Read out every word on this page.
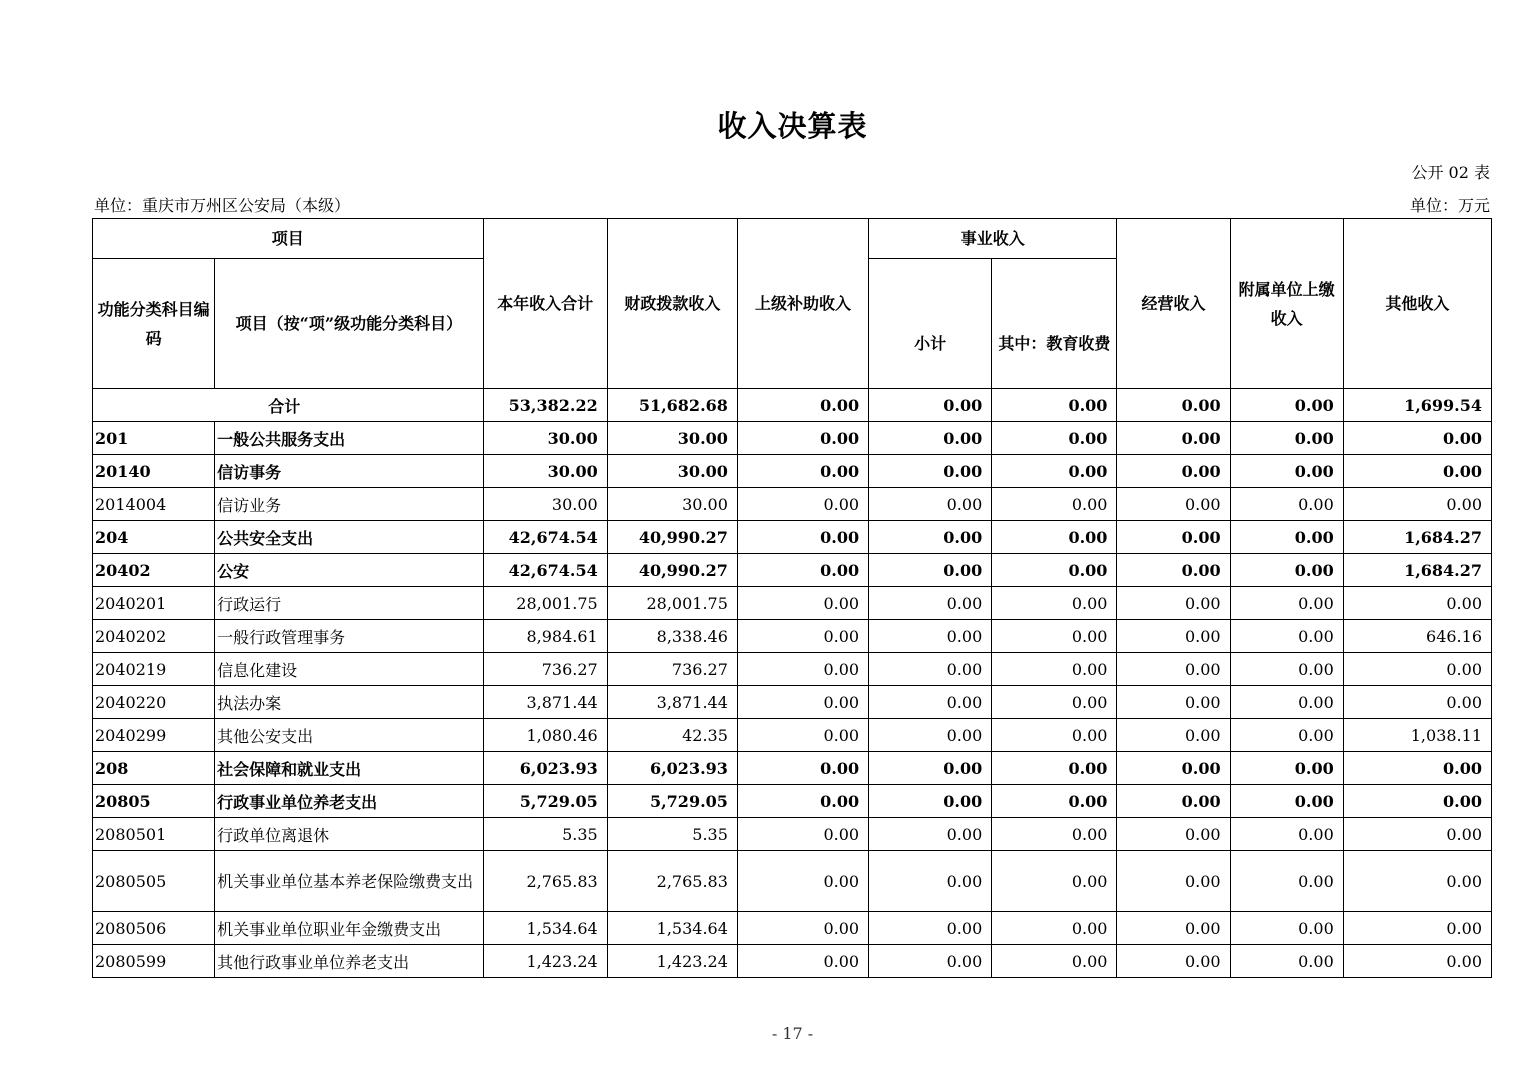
收入决算表
公开 02 表
单位：重庆市万州区公安局（本级）	单位：万元
项目		本年收入合计	财政拨款收入	上级补助收入	事业收入		经营收入	附属单位上缴收入	其他收入
功能分类科目编码	项目（按“项”级功能分类科目）				小计	其中：教育收费			
合计		53,382.22	51,682.68	0.00	0.00	0.00	0.00	0.00	1,699.54
201	一般公共服务支出	30.00	30.00	0.00	0.00	0.00	0.00	0.00	0.00
20140	信访事务	30.00	30.00	0.00	0.00	0.00	0.00	0.00	0.00
2014004	信访业务	30.00	30.00	0.00	0.00	0.00	0.00	0.00	0.00
204	公共安全支出	42,674.54	40,990.27	0.00	0.00	0.00	0.00	0.00	1,684.27
20402	公安	42,674.54	40,990.27	0.00	0.00	0.00	0.00	0.00	1,684.27
2040201	行政运行	28,001.75	28,001.75	0.00	0.00	0.00	0.00	0.00	0.00
2040202	一般行政管理事务	8,984.61	8,338.46	0.00	0.00	0.00	0.00	0.00	646.16
2040219	信息化建设	736.27	736.27	0.00	0.00	0.00	0.00	0.00	0.00
2040220	执法办案	3,871.44	3,871.44	0.00	0.00	0.00	0.00	0.00	0.00
2040299	其他公安支出	1,080.46	42.35	0.00	0.00	0.00	0.00	0.00	1,038.11
208	社会保障和就业支出	6,023.93	6,023.93	0.00	0.00	0.00	0.00	0.00	0.00
20805	行政事业单位养老支出	5,729.05	5,729.05	0.00	0.00	0.00	0.00	0.00	0.00
2080501	行政单位离退休	5.35	5.35	0.00	0.00	0.00	0.00	0.00	0.00
2080505	机关事业单位基本养老保险缴费支出	2,765.83	2,765.83	0.00	0.00	0.00	0.00	0.00	0.00
2080506	机关事业单位职业年金缴费支出	1,534.64	1,534.64	0.00	0.00	0.00	0.00	0.00	0.00
2080599	其他行政事业单位养老支出	1,423.24	1,423.24	0.00	0.00	0.00	0.00	0.00	0.00
- 17 -
